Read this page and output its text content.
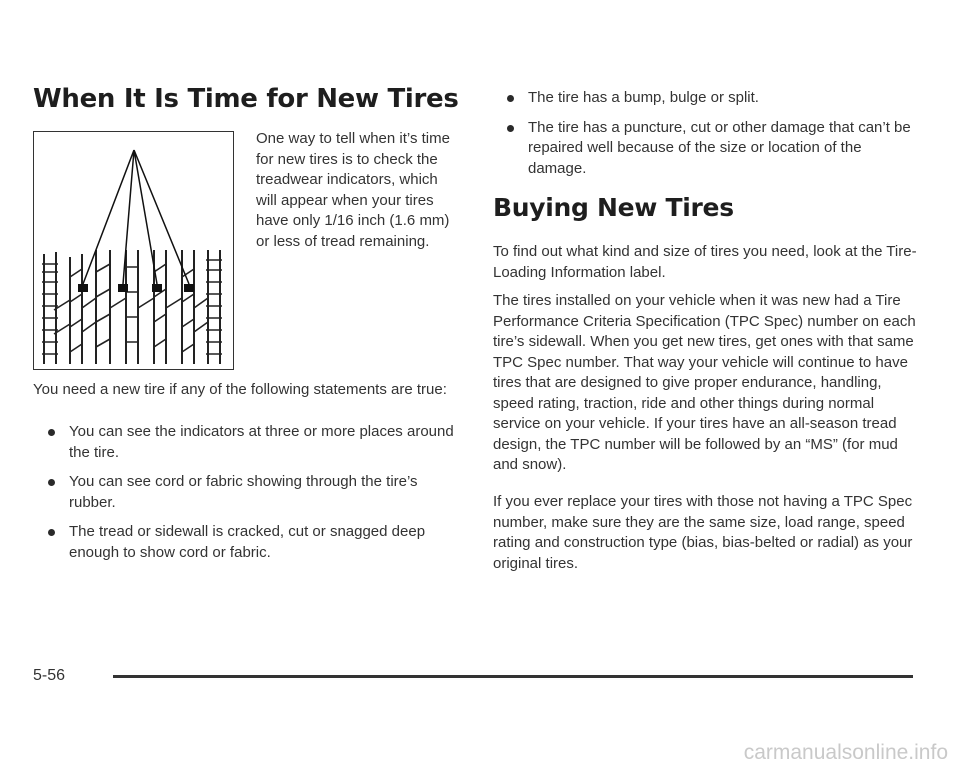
When It Is Time for New Tires
One way to tell when it’s time for new tires is to check the treadwear indicators, which will appear when your tires have only 1/16 inch (1.6 mm) or less of tread remaining.
You need a new tire if any of the following statements are true:
You can see the indicators at three or more places around the tire.
You can see cord or fabric showing through the tire’s rubber.
The tread or sidewall is cracked, cut or snagged deep enough to show cord or fabric.
The tire has a bump, bulge or split.
The tire has a puncture, cut or other damage that can’t be repaired well because of the size or location of the damage.
Buying New Tires

To find out what kind and size of tires you need, look at the Tire-Loading Information label.

The tires installed on your vehicle when it was new had a Tire Performance Criteria Specification (TPC Spec) number on each tire’s sidewall. When you get new tires, get ones with that same TPC Spec number. That way your vehicle will continue to have tires that are designed to give proper endurance, handling, speed rating, traction, ride and other things during normal service on your vehicle. If your tires have an all-season tread design, the TPC number will be followed by an “MS” (for mud and snow).

If you ever replace your tires with those not having a TPC Spec number, make sure they are the same size, load range, speed rating and construction type (bias, bias-belted or radial) as your original tires.

5-56
carmanualsonline.info
